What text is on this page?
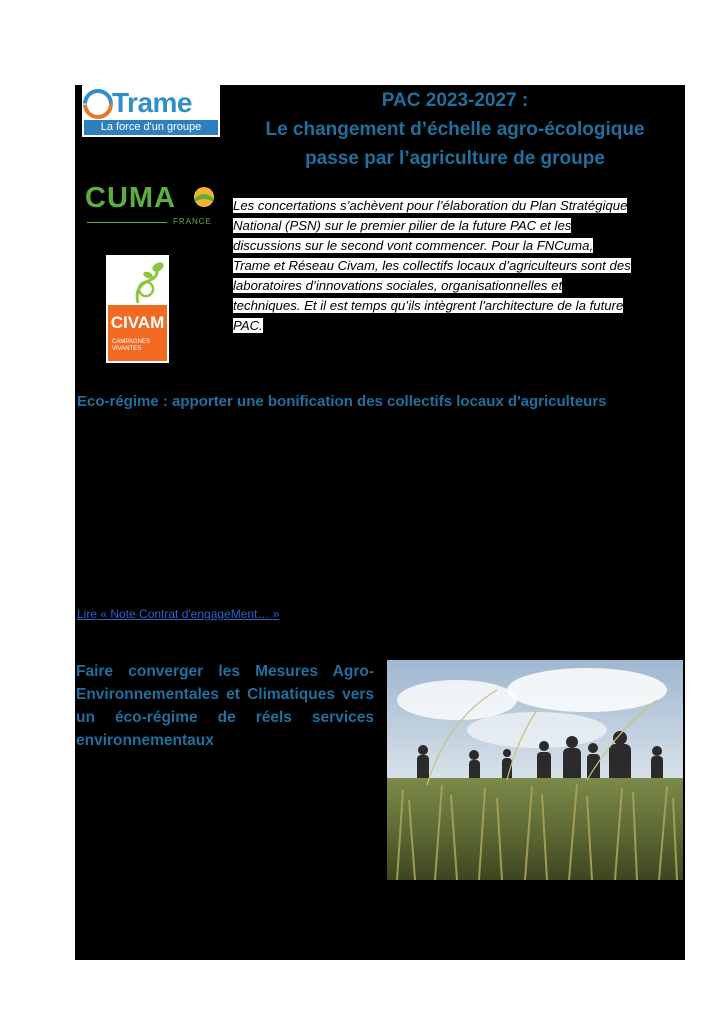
Trame
La force d'un groupe
CUMA
FRANCE
CIVAM
CAMPAGNES
VIVANTES
PAC 2023-2027 :
Le changement d’échelle agro-écologique
passe par l’agriculture de groupe
Les concertations s’achèvent pour l’élaboration du Plan Stratégique
National (PSN) sur le premier pilier de la future PAC et les
discussions sur le second vont commencer. Pour la FNCuma,
Trame et Réseau Civam, les collectifs locaux d’agriculteurs sont des
laboratoires d’innovations sociales, organisationnelles et
techniques. Et il est temps qu’ils intègrent l'architecture de la future
PAC.
Eco-régime : apporter une bonification des collectifs locaux d'agriculteurs
Lire « Note Contrat d'engageMent… »
Faire converger les Mesures Agro-Environnementales et Climatiques vers un éco-régime de réels services environnementaux
